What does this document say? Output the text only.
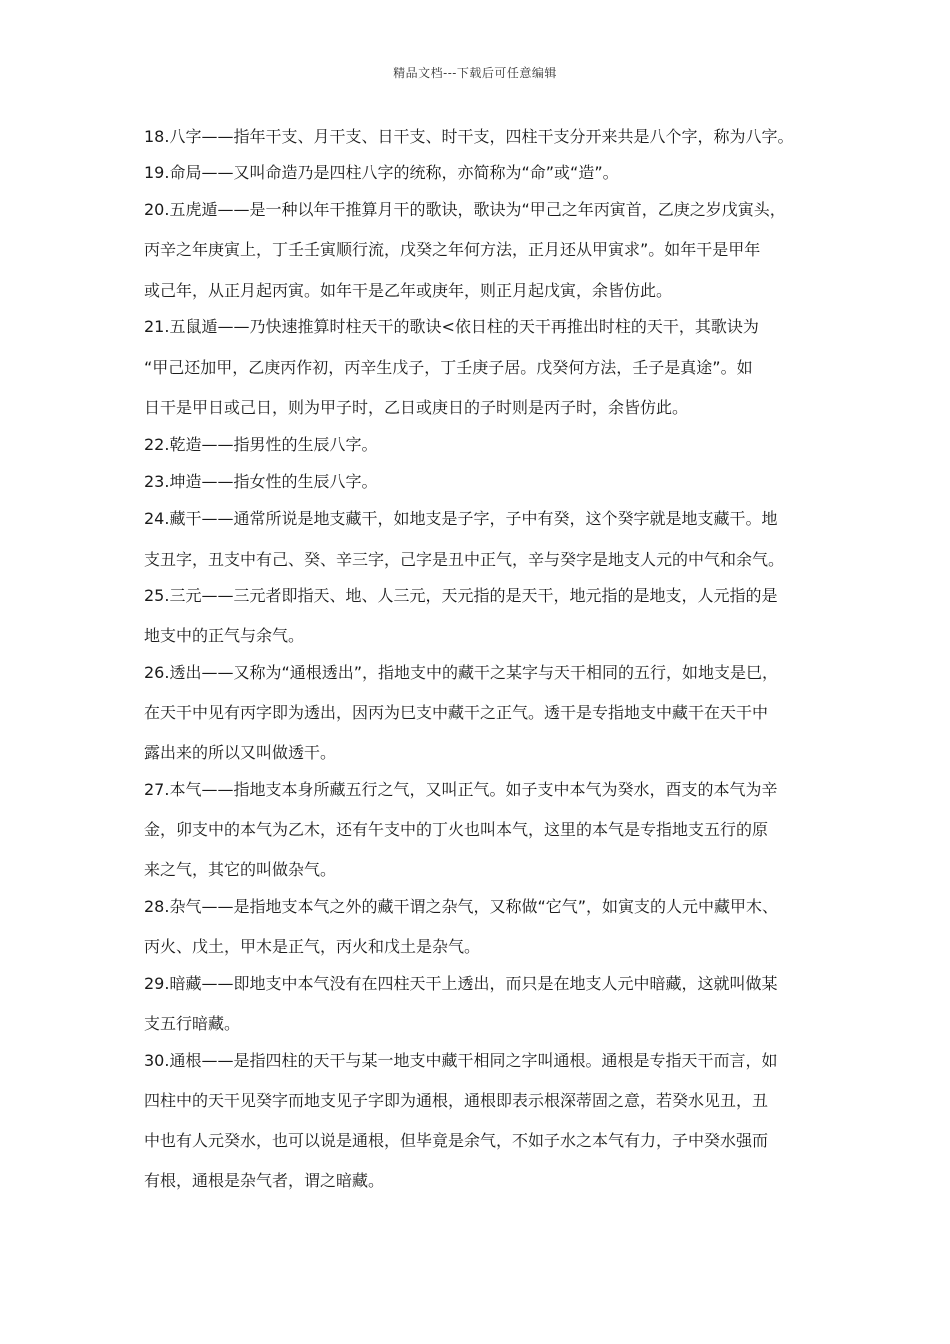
精品文档---下载后可任意编辑
18.八字——指年干支、月干支、日干支、时干支，四柱干支分开来共是八个字，称为八字。
19.命局——又叫命造乃是四柱八字的统称，亦简称为“命”或“造”。
20.五虎遁——是一种以年干推算月干的歌诀，歌诀为“甲己之年丙寅首，乙庚之岁戊寅头，
丙辛之年庚寅上，丁壬壬寅顺行流，戊癸之年何方法，正月还从甲寅求”。如年干是甲年
或己年，从正月起丙寅。如年干是乙年或庚年，则正月起戊寅，余皆仿此。
21.五鼠遁——乃快速推算时柱天干的歌诀<依日柱的天干再推出时柱的天干，其歌诀为
“甲己还加甲，乙庚丙作初，丙辛生戊子，丁壬庚子居。戊癸何方法，壬子是真途”。如
日干是甲日或己日，则为甲子时，乙日或庚日的子时则是丙子时，余皆仿此。
22.乾造——指男性的生辰八字。
23.坤造——指女性的生辰八字。
24.藏干——通常所说是地支藏干，如地支是子字，子中有癸，这个癸字就是地支藏干。地
支丑字，丑支中有己、癸、辛三字，己字是丑中正气，辛与癸字是地支人元的中气和余气。
25.三元——三元者即指天、地、人三元，天元指的是天干，地元指的是地支，人元指的是
地支中的正气与余气。
26.透出——又称为“通根透出”，指地支中的藏干之某字与天干相同的五行，如地支是巳，
在天干中见有丙字即为透出，因丙为巳支中藏干之正气。透干是专指地支中藏干在天干中
露出来的所以又叫做透干。
27.本气——指地支本身所藏五行之气，又叫正气。如子支中本气为癸水，酉支的本气为辛
金，卯支中的本气为乙木，还有午支中的丁火也叫本气，这里的本气是专指地支五行的原
来之气，其它的叫做杂气。
28.杂气——是指地支本气之外的藏干谓之杂气，又称做“它气”，如寅支的人元中藏甲木、
丙火、戊土，甲木是正气，丙火和戊土是杂气。
29.暗藏——即地支中本气没有在四柱天干上透出，而只是在地支人元中暗藏，这就叫做某
支五行暗藏。
30.通根——是指四柱的天干与某一地支中藏干相同之字叫通根。通根是专指天干而言，如
四柱中的天干见癸字而地支见子字即为通根，通根即表示根深蒂固之意，若癸水见丑，丑
中也有人元癸水，也可以说是通根，但毕竟是余气，不如子水之本气有力，子中癸水强而
有根，通根是杂气者，谓之暗藏。
